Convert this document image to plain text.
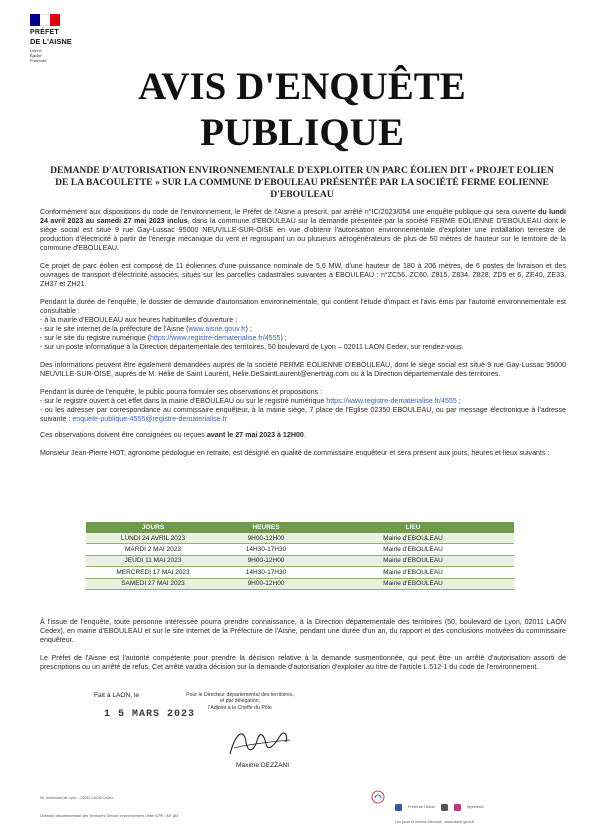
PRÉFET
DE L'AISNE
Liberté
Égalité
Fraternité
AVIS D'ENQUÊTE
PUBLIQUE
DEMANDE D'AUTORISATION ENVIRONNEMENTALE D'EXPLOITER UN PARC ÉOLIEN DIT « PROJET EOLIEN DE LA BACOULETTE » SUR LA COMMUNE D'EBOULEAU PRÉSENTÉE PAR LA SOCIÉTÉ FERME EOLIENNE D'EBOULEAU

Conformément aux dispositions du code de l'environnement, le Préfet de l'Aisne a prescrit, par arrêté n°IC/2023/054 une enquête publique qui sera ouverte du lundi 24 avril 2023 au samedi 27 mai 2023 inclus, dans la commune d'EBOULEAU sur la demande présentée par la société FERME EOLIENNE D'EBOULEAU dont le siège social est situé 9 rue Gay-Lussac 95000 NEUVILLE-SUR-OISE en vue d'obtenir l'autorisation environnementale d'exploiter une installation terrestre de production d'électricité à partir de l'énergie mécanique du vent et regroupant un ou plusieurs aérogénérateurs de plus de 50 mètres de hauteur sur le territoire de la commune d'EBOULEAU.

Ce projet de parc éolien est composé de 11 éoliennes d'une puissance nominale de 5,6 MW, d'une hauteur de 180 à 206 mètres, de 6 postes de livraison et des ouvrages de transport d'électricité associés, situés sur les parcelles cadastrales suivantes à EBOULEAU : n°ZC56, ZC60, Z815, Z834, Z828, ZD5 et 6, ZE40, ZE33, ZH37 et ZH21.

Pendant la durée de l'enquête, le dossier de demande d'autorisation environnementale, qui contient l'étude d'impact et l'avis émis par l'autorité environnementale est consultable :
- à la mairie d'EBOULEAU aux heures habituelles d'ouverture ;
- sur le site internet de la préfecture de l'Aisne (www.aisne.gouv.fr) ;
- sur le site du registre numérique (https://www.registre-dematerialise.fr/4555) ;
- sur un poste informatique à la Direction départementale des territoires, 50 boulevard de Lyon – 02011 LAON Cedex, sur rendez-vous.

Des informations peuvent être également demandées auprès de la société FERME EOLIENNE D'EBOULEAU, dont le siège social est situé 9 rue Gay-Lussac 95000 NEUVILLE-SUR-OISE, auprès de M. Hélie de Saint Laurent, Helie.DeSaintLaurent@enertrag.com ou à la Direction départementale des territoires.

Pendant la durée de l'enquête, le public pourra formuler ses observations et propositions :
- sur le registre ouvert à cet effet dans la mairie d'EBOULEAU ou sur le registre numérique https://www.registre-dematerialise.fr/4555 ;
- ou les adresser par correspondance au commissaire enquêteur, à la mairie siège, 7 place de l'Eglise 02350 EBOULEAU, ou par message électronique à l'adresse suivante : enquete-publique-4555@registre-dematerialise.fr

Ces observations doivent être consignées ou reçues avant le 27 mai 2023 à 12H00.

Monsieur Jean-Pierre HOT, agronome pédologue en retraite, est désigné en qualité de commissaire enquêteur et sera présent aux jours, heures et lieux suivants :

JOURS	HEURES	LIEU
LUNDI 24 AVRIL 2023	9H00-12H00	Mairie d'EBOULEAU
MARDI 2 MAI 2023	14H30-17H30	Mairie d'EBOULEAU
JEUDI 11 MAI 2023	9H00-12H00	Mairie d'EBOULEAU
MERCREDI 17 MAI 2023	14H30-17H30	Mairie d'EBOULEAU
SAMEDI 27 MAI 2023	9H00-12H00	Mairie d'EBOULEAU

À l'issue de l'enquête, toute personne intéressée pourra prendre connaissance, à la Direction départementale des territoires (50, boulevard de Lyon, 02011 LAON Cedex), en mairie d'EBOULEAU et sur le site Internet de la Préfecture de l'Aisne, pendant une durée d'un an, du rapport et des conclusions motivées du commissaire enquêteur.

Le Préfet de l'Aisne est l'autorité compétente pour prendre la décision relative à la demande susmentionnée, qui peut être un arrêté d'autorisation assorti de prescriptions ou un arrêté de refus. Cet arrêté vaudra décision sur la demande d'autorisation d'exploiter au titre de l'article L.512-1 du code de l'environnement.

Fait à LAON, le
1 5 MARS 2023
Pour le Directeur départemental des territoires,
et par délégation,
l'Adjoint à la Cheffe du Pôle
Maxime DEZZANI
50, boulevard de Lyon – 02011 LAON Cedex
Direction départementale des Territoires Service environnement Unité ICPE / AE 184
Préfet de l'Aisne	@prefet02
Les jours et heures d'accueil : www.aisne.gouv.fr
